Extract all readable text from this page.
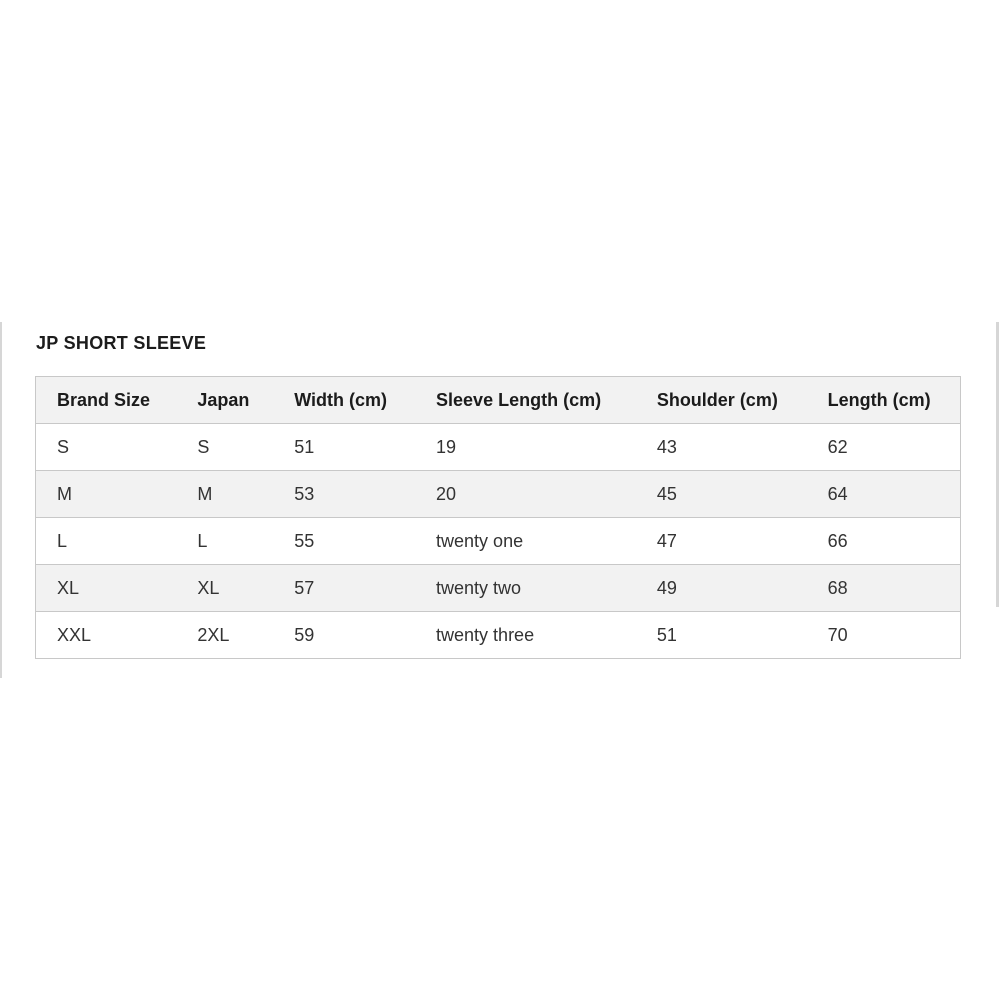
JP SHORT SLEEVE
Brand Size	Japan	Width (cm)	Sleeve Length (cm)	Shoulder (cm)	Length (cm)
S	S	51	19	43	62
M	M	53	20	45	64
L	L	55	twenty one	47	66
XL	XL	57	twenty two	49	68
XXL	2XL	59	twenty three	51	70
